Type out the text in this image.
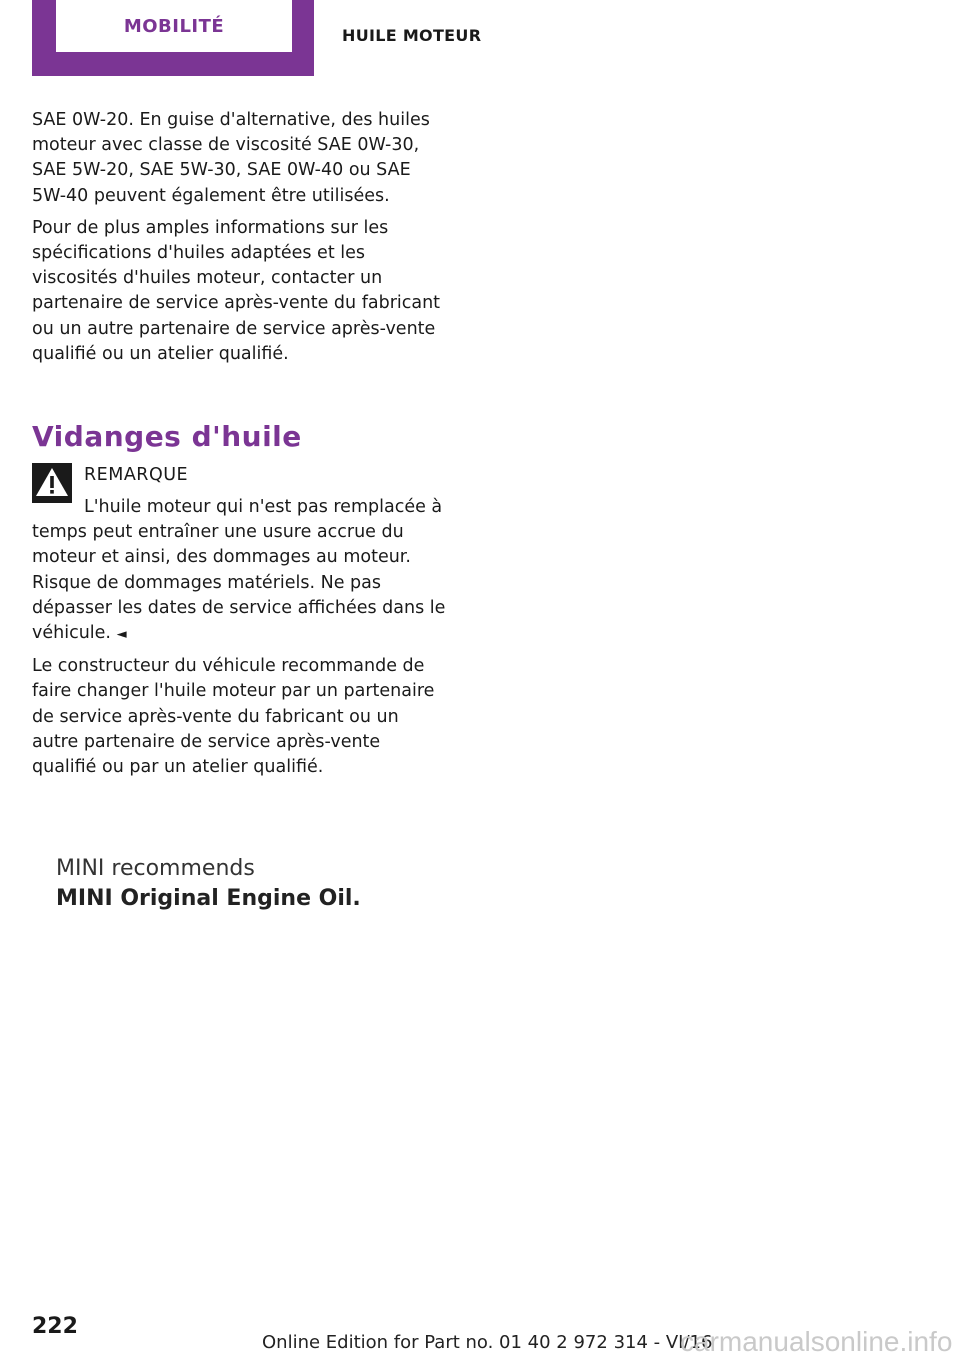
MOBILITÉ	HUILE MOTEUR

SAE 0W-20. En guise d'alternative, des huiles moteur avec classe de viscosité SAE 0W-30, SAE 5W-20, SAE 5W-30, SAE 0W-40 ou SAE 5W-40 peuvent également être utilisées.

Pour de plus amples informations sur les spécifications d'huiles adaptées et les viscosités d'huiles moteur, contacter un partenaire de service après-vente du fabricant ou un autre partenaire de service après-vente qualifié ou un atelier qualifié.

Vidanges d'huile
REMARQUE

L'huile moteur qui n'est pas remplacée à temps peut entraîner une usure accrue du moteur et ainsi, des dommages au moteur. Risque de dommages matériels. Ne pas dépasser les dates de service affichées dans le véhicule. ◄

Le constructeur du véhicule recommande de faire changer l'huile moteur par un partenaire de service après-vente du fabricant ou un autre partenaire de service après-vente qualifié ou par un atelier qualifié.

MINI recommends
MINI Original Engine Oil.
222
Online Edition for Part no. 01 40 2 972 314 - VI/16
carmanualsonline.info
